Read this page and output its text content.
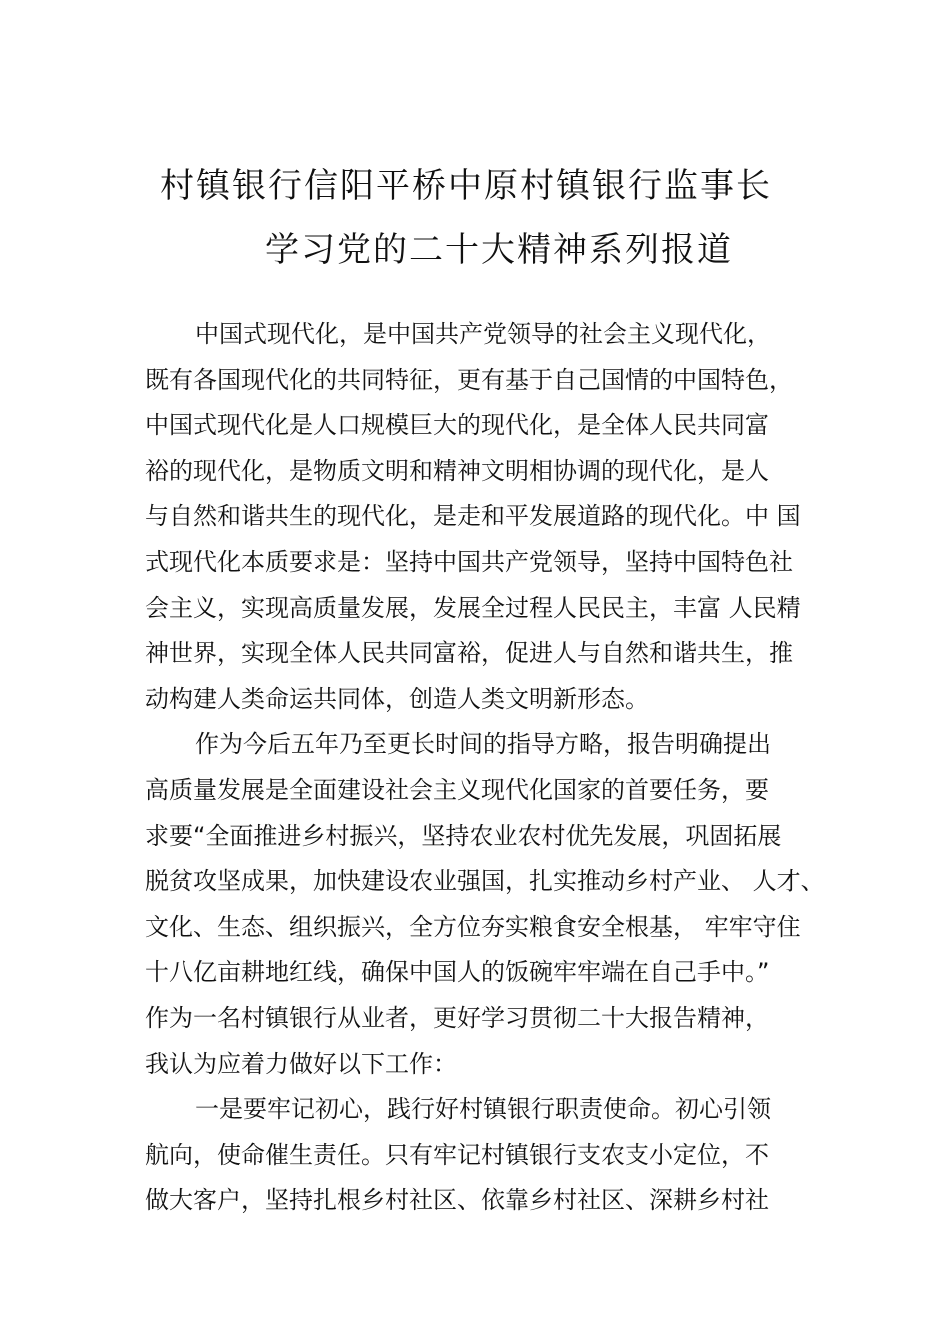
村镇银行信阳平桥中原村镇银行监事长
学习党的二十大精神系列报道
中国式现代化，是中国共产党领导的社会主义现代化，
既有各国现代化的共同特征，更有基于自己国情的中国特色，
中国式现代化是人口规模巨大的现代化，是全体人民共同富
裕的现代化，是物质文明和精神文明相协调的现代化，是人
与自然和谐共生的现代化，是走和平发展道路的现代化。中 国
式现代化本质要求是：坚持中国共产党领导，坚持中国特色社
会主义，实现高质量发展，发展全过程人民民主，丰富 人民精
神世界，实现全体人民共同富裕，促进人与自然和谐共生，推
动构建人类命运共同体，创造人类文明新形态。
作为今后五年乃至更长时间的指导方略，报告明确提出
高质量发展是全面建设社会主义现代化国家的首要任务，要
求要“全面推进乡村振兴，坚持农业农村优先发展，巩固拓展
脱贫攻坚成果，加快建设农业强国，扎实推动乡村产业、 人才、
文化、生态、组织振兴，全方位夯实粮食安全根基， 牢牢守住
十八亿亩耕地红线，确保中国人的饭碗牢牢端在自己手中。”
作为一名村镇银行从业者，更好学习贯彻二十大报告精神，
我认为应着力做好以下工作：
一是要牢记初心，践行好村镇银行职责使命。初心引领
航向，使命催生责任。只有牢记村镇银行支农支小定位，不
做大客户，坚持扎根乡村社区、依靠乡村社区、深耕乡村社
